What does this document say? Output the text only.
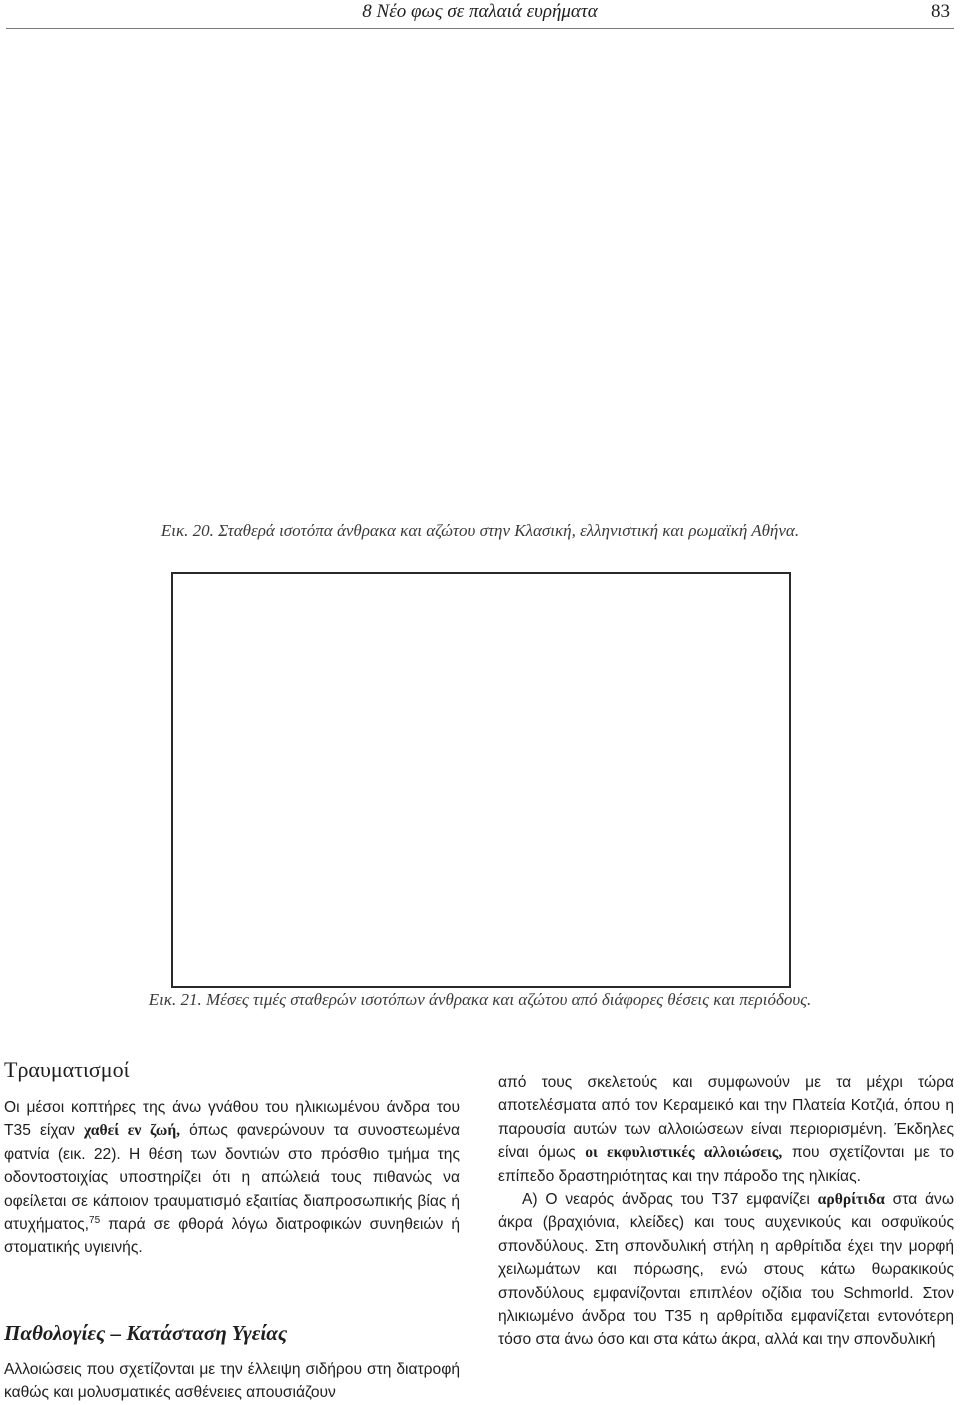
8 Νέο φως σε παλαιά ευρήματα	83
Εικ. 20. Σταθερά ισοτόπα άνθρακα και αζώτου στην Κλασική, ελληνιστική και ρωμαϊκή Αθήνα.
Εικ. 21. Μέσες τιμές σταθερών ισοτόπων άνθρακα και αζώτου από διάφορες θέσεις και περιόδους.
Τραυματισμοί

Οι μέσοι κοπτήρες της άνω γνάθου του ηλικιωμένου άνδρα του T35 είχαν χαθεί εν ζωή, όπως φανερώνουν τα συνοστεωμένα φατνία (εικ. 22). Η θέση των δοντιών στο πρόσθιο τμήμα της οδοντοστοιχίας υποστηρίζει ότι η απώλειά τους πιθανώς να οφείλεται σε κάποιον τραυματισμό εξαιτίας διαπροσωπικής βίας ή ατυχήματος,$^{75}$ παρά σε φθορά λόγω διατροφικών συνηθειών ή στοματικής υγιεινής.

Παθολογίες – Κατάσταση Υγείας

Αλλοιώσεις που σχετίζονται με την έλλειψη σιδήρου στη διατροφή καθώς και μολυσματικές ασθένειες απουσιάζουν

από τους σκελετούς και συμφωνούν με τα μέχρι τώρα αποτελέσματα από τον Κεραμεικό και την Πλατεία Κοτζιά, όπου η παρουσία αυτών των αλλοιώσεων είναι περιορισμένη. Έκδηλες είναι όμως οι εκφυλιστικές αλλοιώσεις, που σχετίζονται με το επίπεδο δραστηριότητας και την πάροδο της ηλικίας.

Α) Ο νεαρός άνδρας του T37 εμφανίζει αρθρίτιδα στα άνω άκρα (βραχιόνια, κλείδες) και τους αυχενικούς και οσφυϊκούς σπονδύλους. Στη σπονδυλική στήλη η αρθρίτιδα έχει την μορφή χειλωμάτων και πόρωσης, ενώ στους κάτω θωρακικούς σπονδύλους εμφανίζονται επιπλέον οζίδια του Schmorld. Στον ηλικιωμένο άνδρα του T35 η αρθρίτιδα εμφανίζεται εντονότερη τόσο στα άνω όσο και στα κάτω άκρα, αλλά και την σπονδυλική
